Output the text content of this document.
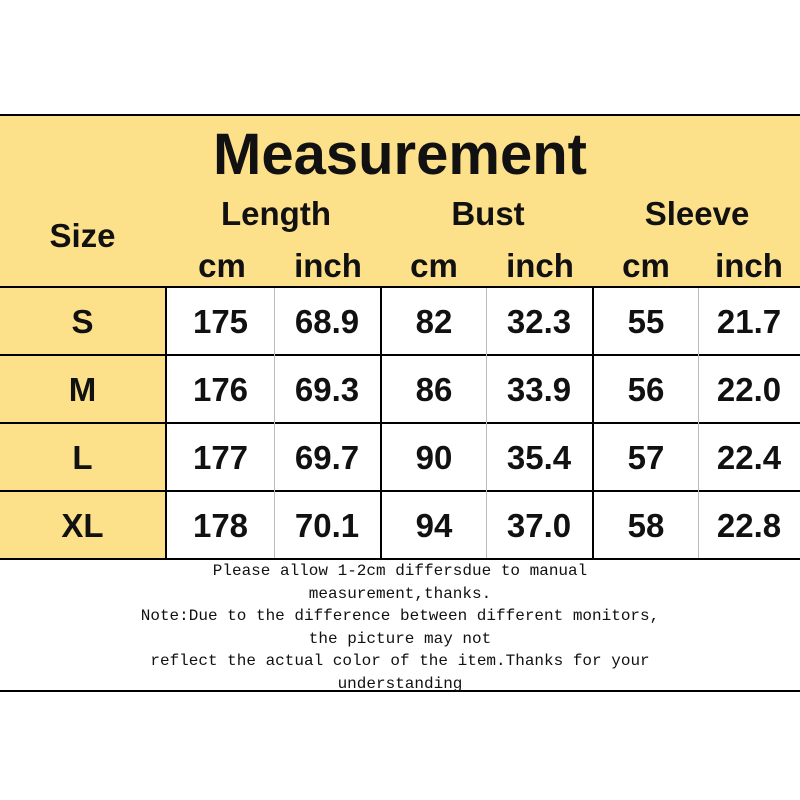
Measurement
Size
Length	Bust	Sleeve
cm	inch	cm	inch	cm	inch
S	175	68.9	82	32.3	55	21.7
M	176	69.3	86	33.9	56	22.0
L	177	69.7	90	35.4	57	22.4
XL	178	70.1	94	37.0	58	22.8
Please allow 1-2cm differsdue to manual
measurement,thanks.
Note:Due to the difference between different monitors,
the picture may not
reflect the actual color of the item.Thanks for your
understanding
